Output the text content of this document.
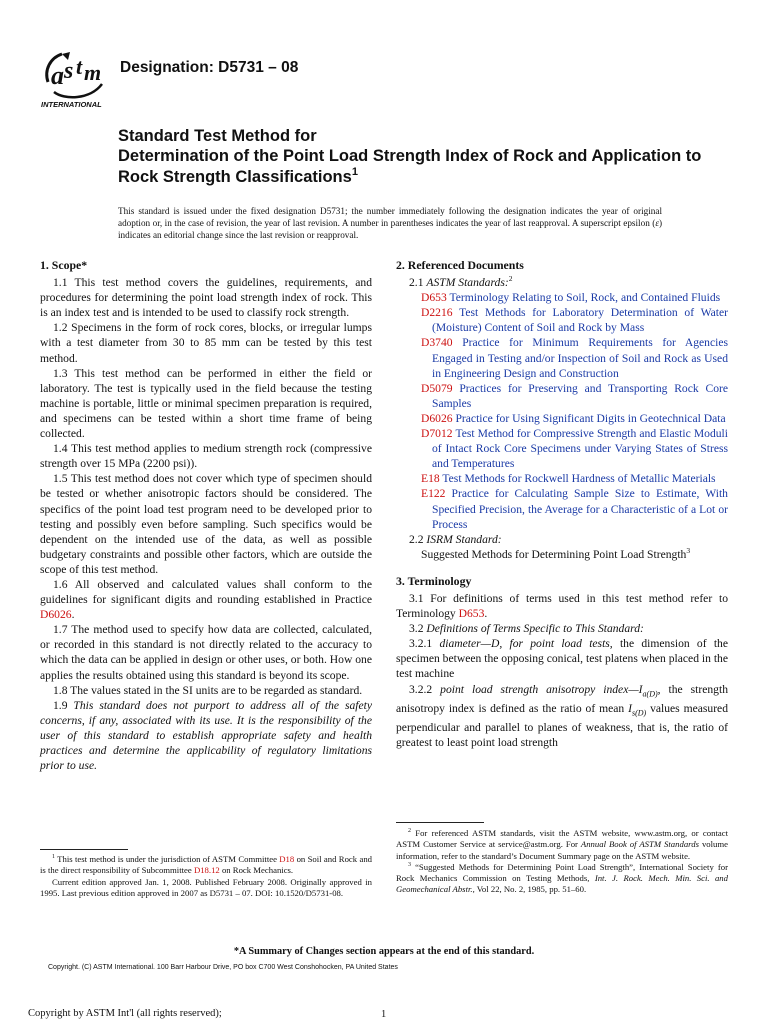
a s t m
INTERNATIONAL
Designation: D5731 – 08
Standard Test Method for
Determination of the Point Load Strength Index of Rock and Application to Rock Strength Classifications$^1$
This standard is issued under the fixed designation D5731; the number immediately following the designation indicates the year of original adoption or, in the case of revision, the year of last revision. A number in parentheses indicates the year of last reapproval. A superscript epsilon (ε) indicates an editorial change since the last revision or reapproval.
1. Scope*

1.1 This test method covers the guidelines, requirements, and procedures for determining the point load strength index of rock. This is an index test and is intended to be used to classify rock strength.

1.2 Specimens in the form of rock cores, blocks, or irregular lumps with a test diameter from 30 to 85 mm can be tested by this test method.

1.3 This test method can be performed in either the field or laboratory. The test is typically used in the field because the testing machine is portable, little or minimal specimen preparation is required, and specimens can be tested within a short time frame of being collected.

1.4 This test method applies to medium strength rock (compressive strength over 15 MPa (2200 psi)).

1.5 This test method does not cover which type of specimen should be tested or whether anisotropic factors should be considered. The specifics of the point load test program need to be developed prior to testing and possibly even before sampling. Such specifics would be dependent on the intended use of the data, as well as possible budgetary constraints and possible other factors, which are outside the scope of this test method.

1.6 All observed and calculated values shall conform to the guidelines for significant digits and rounding established in Practice D6026.

1.7 The method used to specify how data are collected, calculated, or recorded in this standard is not directly related to the accuracy to which the data can be applied in design or other uses, or both. How one applies the results obtained using this standard is beyond its scope.

1.8 The values stated in the SI units are to be regarded as standard.

1.9 This standard does not purport to address all of the safety concerns, if any, associated with its use. It is the responsibility of the user of this standard to establish appropriate safety and health practices and determine the applicability of regulatory limitations prior to use.

2. Referenced Documents
2.1 ASTM Standards:$^2$
D653 Terminology Relating to Soil, Rock, and Contained Fluids
D2216 Test Methods for Laboratory Determination of Water (Moisture) Content of Soil and Rock by Mass
D3740 Practice for Minimum Requirements for Agencies Engaged in Testing and/or Inspection of Soil and Rock as Used in Engineering Design and Construction
D5079 Practices for Preserving and Transporting Rock Core Samples
D6026 Practice for Using Significant Digits in Geotechnical Data
D7012 Test Method for Compressive Strength and Elastic Moduli of Intact Rock Core Specimens under Varying States of Stress and Temperatures
E18 Test Methods for Rockwell Hardness of Metallic Materials
E122 Practice for Calculating Sample Size to Estimate, With Specified Precision, the Average for a Characteristic of a Lot or Process
2.2 ISRM Standard:
Suggested Methods for Determining Point Load Strength$^3$
3. Terminology

3.1 For definitions of terms used in this test method refer to Terminology D653.

3.2 Definitions of Terms Specific to This Standard:

3.2.1 diameter—D, for point load tests, the dimension of the specimen between the opposing conical, test platens when placed in the test machine

3.2.2 point load strength anisotropy $index—I_{a(D)}$, the strength anisotropy index is defined as the ratio of mean $I_{s(D)}$ values measured perpendicular and parallel to planes of weakness, that is, the ratio of greatest to least point load strength

$^2$ For referenced ASTM standards, visit the ASTM website, www.astm.org, or contact ASTM Customer Service at service@astm.org. For Annual Book of ASTM Standards volume information, refer to the standard’s Document Summary page on the ASTM website.

$^3$ “Suggested Methods for Determining Point Load Strength”, International Society for Rock Mechanics Commission on Testing Methods, Int. J. Rock. Mech. Min. Sci. and Geomechanical Abstr., Vol 22, No. 2, 1985, pp. 51–60.

$^1$ This test method is under the jurisdiction of ASTM Committee D18 on Soil and Rock and is the direct responsibility of Subcommittee D18.12 on Rock Mechanics.

Current edition approved Jan. 1, 2008. Published February 2008. Originally approved in 1995. Last previous edition approved in 2007 as D5731 – 07. DOI: 10.1520/D5731-08.

*A Summary of Changes section appears at the end of this standard.
Copyright. (C) ASTM International. 100 Barr Harbour Drive, PO box C700 West Conshohocken, PA United States
Copyright by ASTM Int'l (all rights reserved);	1
